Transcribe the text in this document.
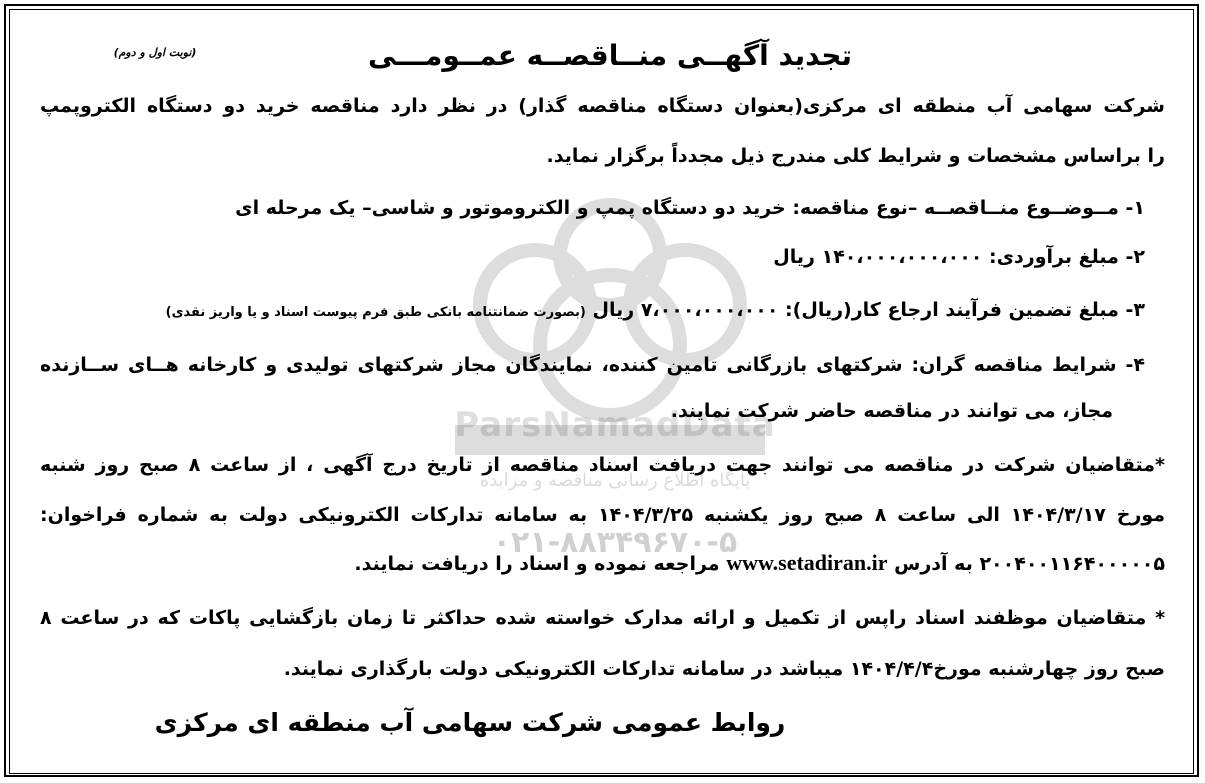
ParsNamadData
پایگاه اطلاع رسانی مناقصه و مزایده
۰۲۱-۸۸۳۴۹۶۷۰-۵
تجدید آگهــی منــاقصــه عمــومـــی
(نوبت اول و دوم)
شرکت سهامی آب منطقه ای مرکزی(بعنوان دستگاه مناقصه گذار) در نظر دارد مناقصه خرید دو دستگاه الکتروپمپ
را براساس مشخصات و شرایط کلی مندرج ذیل مجدداً برگزار نماید.
۱- مــوضــوع منــاقصــه –نوع مناقصه: خرید دو دستگاه پمپ و الکتروموتور و شاسی– یک مرحله ای
۲- مبلغ برآوردی: ۱۴۰،۰۰۰،۰۰۰،۰۰۰ ریال
۳- مبلغ تضمین فرآیند ارجاع کار(ریال): ۷،۰۰۰،۰۰۰،۰۰۰ ریال (بصورت ضمانتنامه بانکی طبق فرم پیوست اسناد و یا واریز نقدی)
۴- شرایط مناقصه گران: شرکتهای بازرگانی تامین کننده، نمایندگان مجاز شرکتهای تولیدی و کارخانه هــای ســازنده
مجاز، می توانند در مناقصه حاضر شرکت نمایند.
*متقاضیان شرکت در مناقصه می توانند جهت دریافت اسناد مناقصه از تاریخ درج آگهی ، از ساعت ۸ صبح روز شنبه
مورخ ۱۴۰۴/۳/۱۷ الی ساعت ۸ صبح روز یکشنبه ۱۴۰۴/۳/۲۵ به سامانه تدارکات الکترونیکی دولت به شماره فراخوان:
۲۰۰۴۰۰۱۱۶۴۰۰۰۰۰۵ به آدرس www.setadiran.ir مراجعه نموده و اسناد را دریافت نمایند.
* متقاضیان موظفند اسناد راپس از تکمیل و ارائه مدارک خواسته شده حداکثر تا زمان بازگشایی پاکات که در ساعت ۸
صبح روز چهارشنبه مورخ۱۴۰۴/۴/۴ میباشد در سامانه تدارکات الکترونیکی دولت بارگذاری نمایند.
روابط عمومی شرکت سهامی آب منطقه ای مرکزی
